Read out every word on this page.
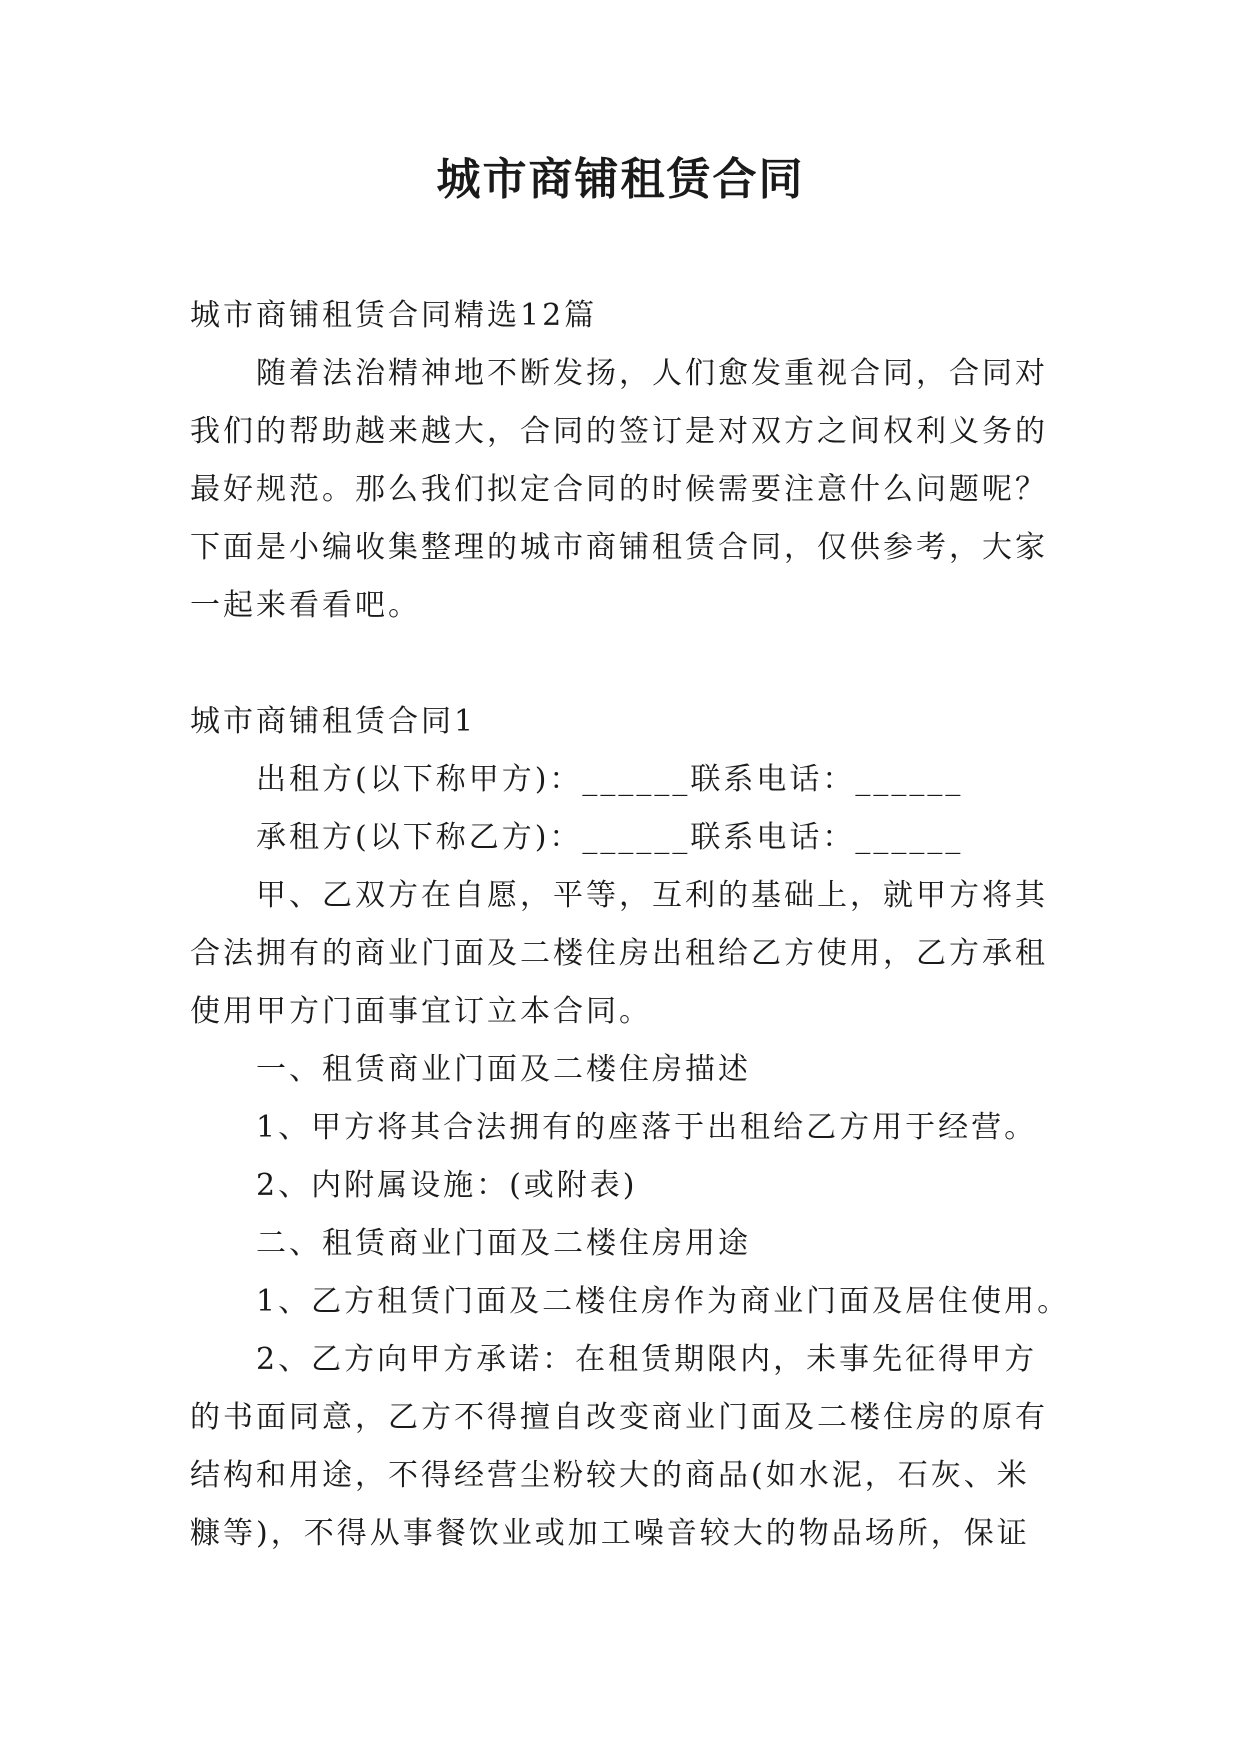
城市商铺租赁合同
城市商铺租赁合同精选12篇
随着法治精神地不断发扬，人们愈发重视合同，合同对
我们的帮助越来越大，合同的签订是对双方之间权利义务的
最好规范。那么我们拟定合同的时候需要注意什么问题呢？
下面是小编收集整理的城市商铺租赁合同，仅供参考，大家
一起来看看吧。
城市商铺租赁合同1
出租方(以下称甲方)：______联系电话：______
承租方(以下称乙方)：______联系电话：______
甲、乙双方在自愿，平等，互利的基础上，就甲方将其
合法拥有的商业门面及二楼住房出租给乙方使用，乙方承租
使用甲方门面事宜订立本合同。
一、租赁商业门面及二楼住房描述
1、甲方将其合法拥有的座落于出租给乙方用于经营。
2、内附属设施：(或附表)
二、租赁商业门面及二楼住房用途
1、乙方租赁门面及二楼住房作为商业门面及居住使用。
2、乙方向甲方承诺：在租赁期限内，未事先征得甲方
的书面同意，乙方不得擅自改变商业门面及二楼住房的原有
结构和用途，不得经营尘粉较大的商品(如水泥，石灰、米
糠等)，不得从事餐饮业或加工噪音较大的物品场所，保证
